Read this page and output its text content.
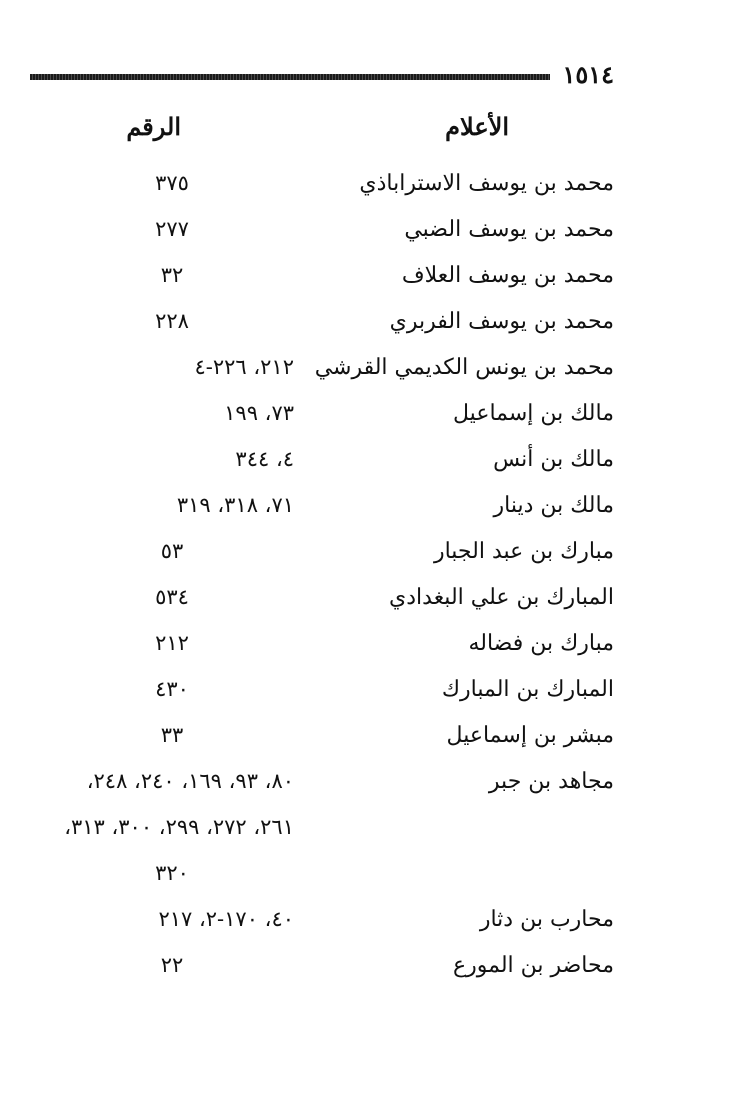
١٥١٤
الأعلام
الرقم
محمد بن يوسف الاستراباذي
٣٧٥
محمد بن يوسف الضبي
٢٧٧
محمد بن يوسف العلاف
٣٢
محمد بن يوسف الفربري
٢٢٨
محمد بن يونس الكديمي القرشي
٢١٢، ٢٢٦-٤
مالك بن إسماعيل
٧٣، ١٩٩
مالك بن أنس
٤، ٣٤٤
مالك بن دينار
٧١، ٣١٨، ٣١٩
مبارك بن عبد الجبار
٥٣
المبارك بن علي البغدادي
٥٣٤
مبارك بن فضاله
٢١٢
المبارك بن المبارك
٤٣٠
مبشر بن إسماعيل
٣٣
مجاهد بن جبر
٨٠، ٩٣، ١٦٩، ٢٤٠، ٢٤٨،
٢٦١، ٢٧٢، ٢٩٩، ٣٠٠، ٣١٣،
٣٢٠
محارب بن دثار
٤٠، ١٧٠-٢، ٢١٧
محاضر بن المورع
٢٢
